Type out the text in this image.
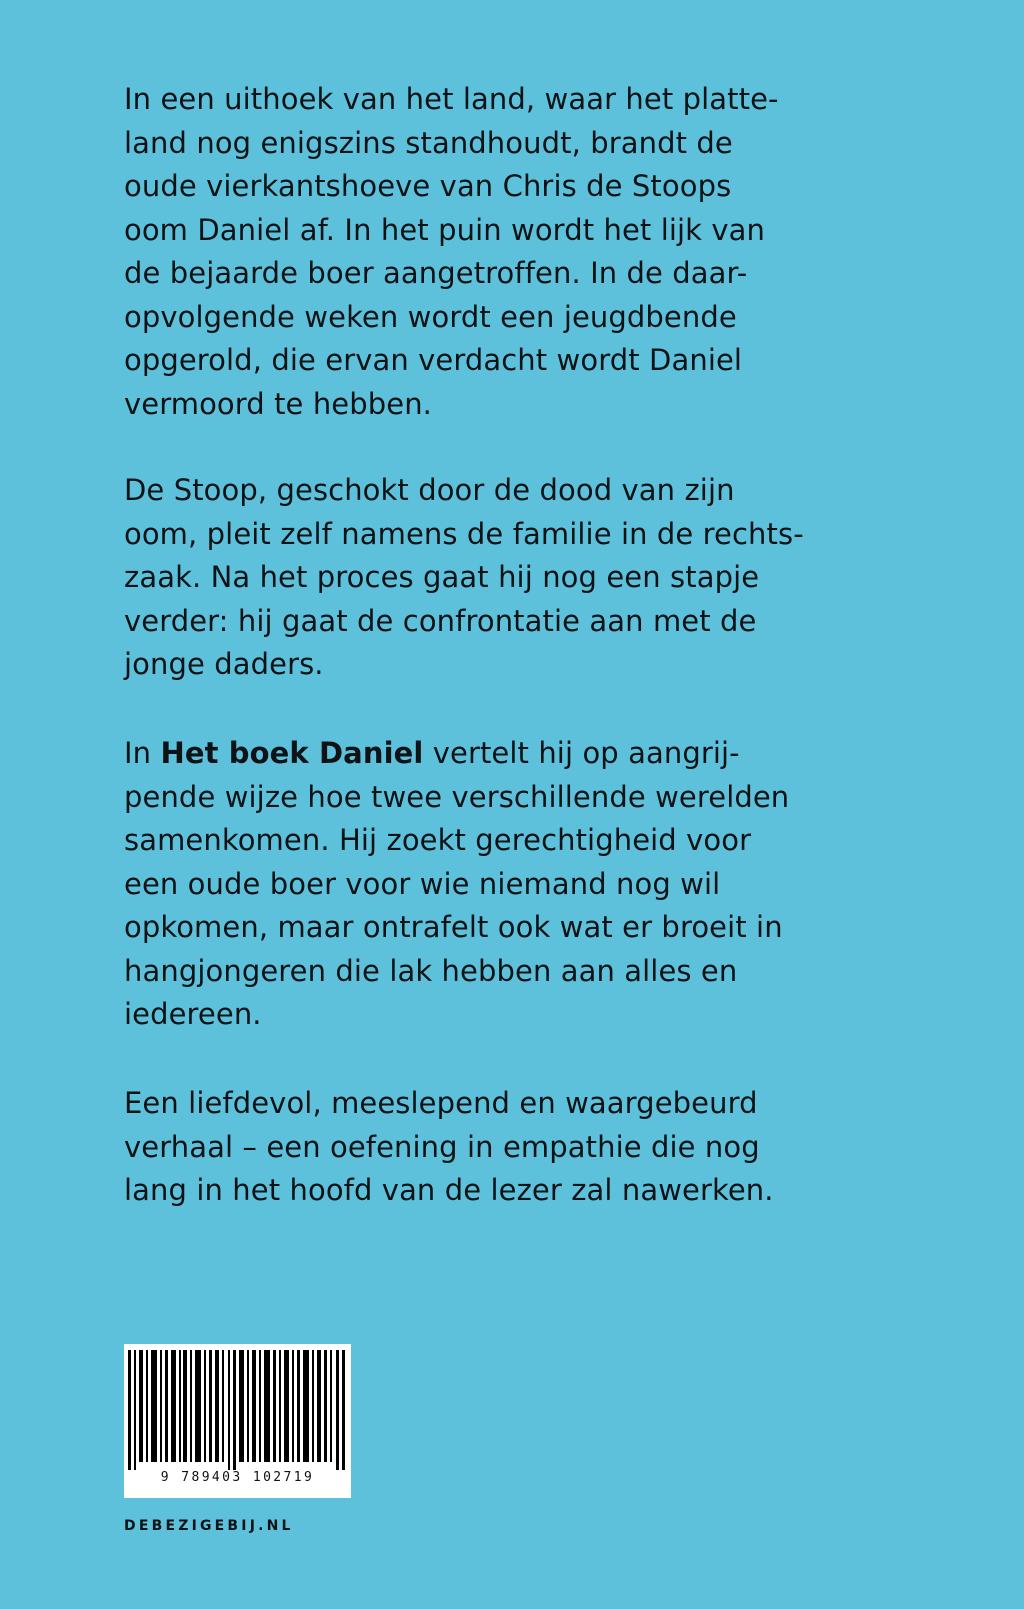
In een uithoek van het land, waar het platte-
land nog enigszins standhoudt, brandt de
oude vierkantshoeve van Chris de Stoops
oom Daniel af. In het puin wordt het lijk van
de bejaarde boer aangetroffen. In de daar-
opvolgende weken wordt een jeugdbende
opgerold, die ervan verdacht wordt Daniel
vermoord te hebben.
De Stoop, geschokt door de dood van zijn
oom, pleit zelf namens de familie in de rechts-
zaak. Na het proces gaat hij nog een stapje
verder: hij gaat de confrontatie aan met de
jonge daders.
In Het boek Daniel vertelt hij op aangrij-
pende wijze hoe twee verschillende werelden
samenkomen. Hij zoekt gerechtigheid voor
een oude boer voor wie niemand nog wil
opkomen, maar ontrafelt ook wat er broeit in
hangjongeren die lak hebben aan alles en
iedereen.
Een liefdevol, meeslepend en waargebeurd
verhaal – een oefening in empathie die nog
lang in het hoofd van de lezer zal nawerken.
9 789403 102719
DEBEZIGEBIJ.NL
